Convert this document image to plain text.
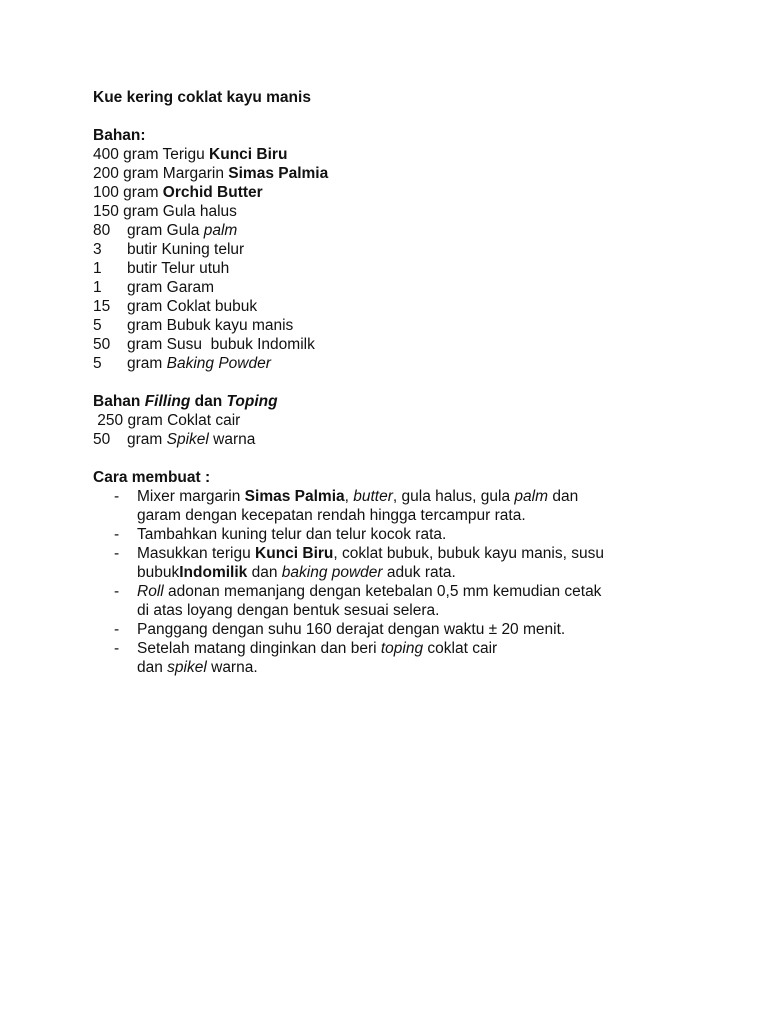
Kue kering coklat kayu manis

Bahan:

400 gram Terigu Kunci Biru

200 gram Margarin Simas Palmia

100 gram Orchid Butter

150 gram Gula halus

80 gram Gula palm

3 butir Kuning telur

1 butir Telur utuh

1 gram Garam

15 gram Coklat bubuk

5 gram Bubuk kayu manis

50 gram Susu  bubuk Indomilk

5 gram Baking Powder

Bahan Filling dan Toping

250 gram Coklat cair

50 gram Spikel warna

Cara membuat :

- Mixer margarin Simas Palmia, butter, gula halus, gula palm dan
garam dengan kecepatan rendah hingga tercampur rata.
- Tambahkan kuning telur dan telur kocok rata.
- Masukkan terigu Kunci Biru, coklat bubuk, bubuk kayu manis, susu
bubukIndomilik dan baking powder aduk rata.
- Roll adonan memanjang dengan ketebalan 0,5 mm kemudian cetak
di atas loyang dengan bentuk sesuai selera.
- Panggang dengan suhu 160 derajat dengan waktu ± 20 menit.
- Setelah matang dinginkan dan beri toping coklat cair
dan spikel warna.
